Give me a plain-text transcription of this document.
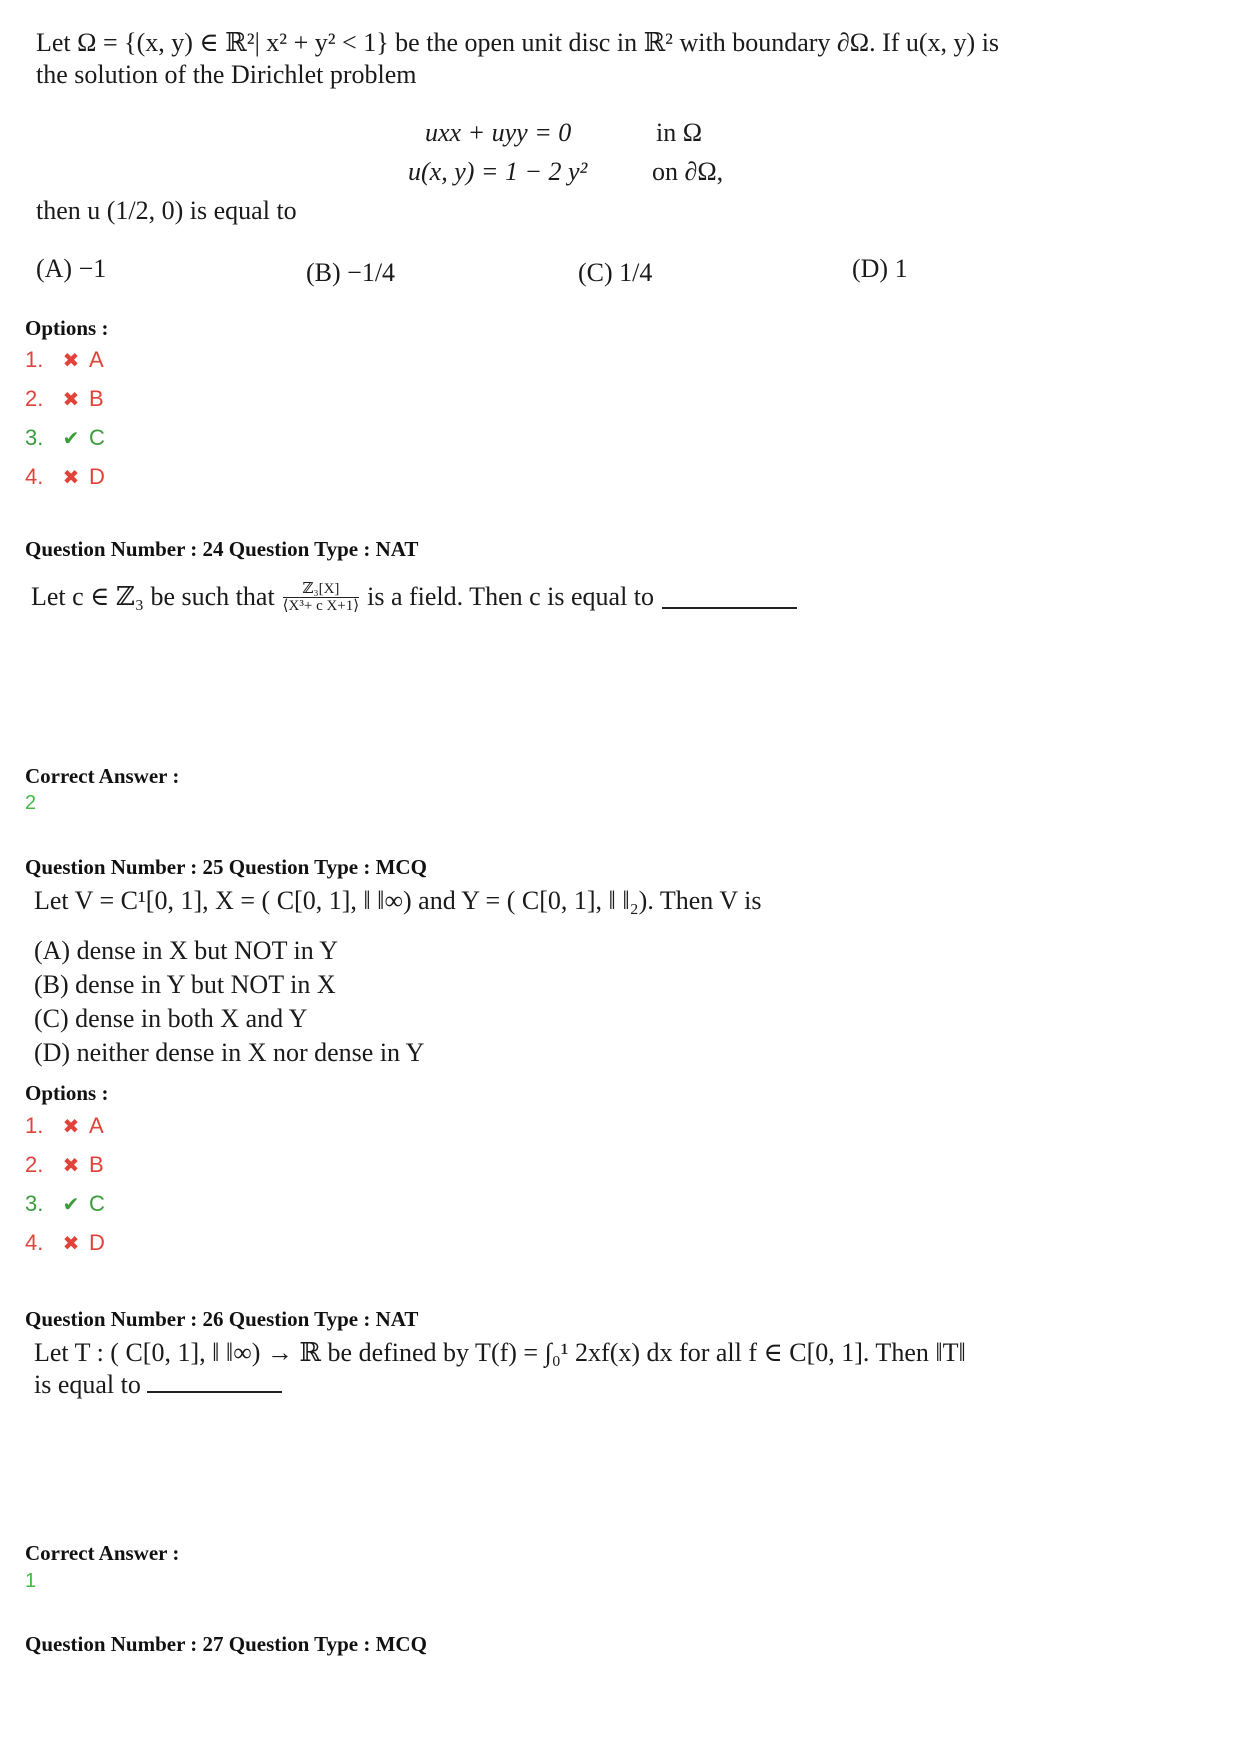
Let Ω = {(x, y) ∈ ℝ²| x² + y² < 1} be the open unit disc in ℝ² with boundary ∂Ω. If u(x, y) is
the solution of the Dirichlet problem
uxx + uyy = 0	in Ω
u(x, y) = 1 − 2 y² on ∂Ω,
then u (1/2, 0) is equal to
(A) −1	(B) −1/4	(C) 1/4	(D) 1
Options :
1. ✖ A
2. ✖ B
3. ✔ C
4. ✖ D
Question Number : 24 Question Type : NAT
Let c ∈ ℤ₃ be such that $\frac{\text{ℤ₃[X]}}{\text{⟨X³+ c X+1⟩}}$ is a field. Then c is equal to
Correct Answer :
2
Question Number : 25 Question Type : MCQ
Let V = C¹[0, 1], X = ( C[0, 1], ‖ ‖∞) and Y = ( C[0, 1], ‖ ‖₂). Then V is
(A) dense in X but NOT in Y
(B) dense in Y but NOT in X
(C) dense in both X and Y
(D) neither dense in X nor dense in Y
Options :
1. ✖ A
2. ✖ B
3. ✔ C
4. ✖ D
Question Number : 26 Question Type : NAT
Let T : ( C[0, 1], ‖ ‖∞) → ℝ be defined by T(f) = ∫₀¹ 2xf(x) dx for all f ∈ C[0, 1]. Then ‖T‖
is equal to
Correct Answer :
1
Question Number : 27 Question Type : MCQ
